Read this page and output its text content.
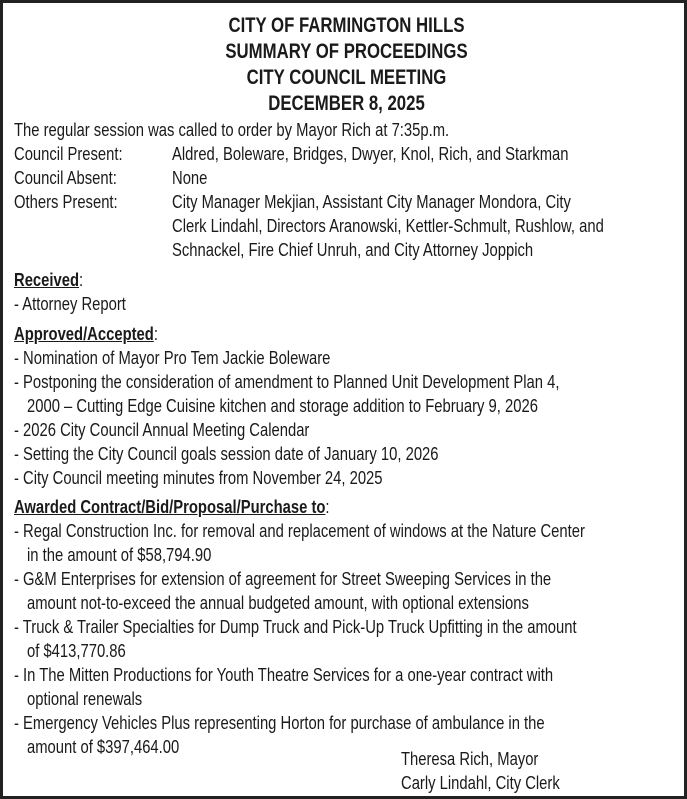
CITY OF FARMINGTON HILLS
SUMMARY OF PROCEEDINGS
CITY COUNCIL MEETING
DECEMBER 8, 2025
The regular session was called to order by Mayor Rich at 7:35p.m.
Council Present:	Aldred, Boleware, Bridges, Dwyer, Knol, Rich, and Starkman
Council Absent:	None
Others Present:	City Manager Mekjian, Assistant City Manager Mondora, City
Clerk Lindahl, Directors Aranowski, Kettler-Schmult, Rushlow, and
Schnackel, Fire Chief Unruh, and City Attorney Joppich
Received:
- Attorney Report
Approved/Accepted:
- Nomination of Mayor Pro Tem Jackie Boleware
- Postponing the consideration of amendment to Planned Unit Development Plan 4,
2000 – Cutting Edge Cuisine kitchen and storage addition to February 9, 2026
- 2026 City Council Annual Meeting Calendar
- Setting the City Council goals session date of January 10, 2026
- City Council meeting minutes from November 24, 2025
Awarded Contract/Bid/Proposal/Purchase to:
- Regal Construction Inc. for removal and replacement of windows at the Nature Center
in the amount of $58,794.90
- G&M Enterprises for extension of agreement for Street Sweeping Services in the
amount not-to-exceed the annual budgeted amount, with optional extensions
- Truck & Trailer Specialties for Dump Truck and Pick-Up Truck Upfitting in the amount
of $413,770.86
- In The Mitten Productions for Youth Theatre Services for a one-year contract with
optional renewals
- Emergency Vehicles Plus representing Horton for purchase of ambulance in the
amount of $397,464.00
Theresa Rich, Mayor
Carly Lindahl, City Clerk
